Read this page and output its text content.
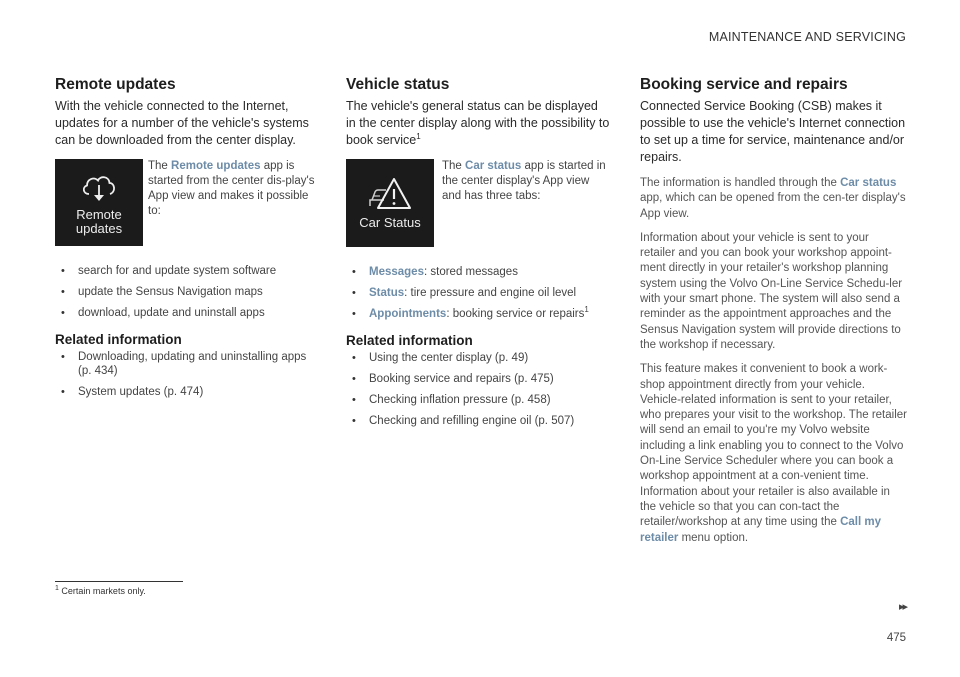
MAINTENANCE AND SERVICING
Remote updates

With the vehicle connected to the Internet, updates for a number of the vehicle's systems can be downloaded from the center display.

Remote updates
The Remote updates app is started from the center dis-play's App view and makes it possible to:
• search for and update system software
• update the Sensus Navigation maps
• download, update and uninstall apps
Related information
• Downloading, updating and uninstalling apps (p. 434)
• System updates (p. 474)
Vehicle status

The vehicle's general status can be displayed in the center display along with the possibility to book service$^1$

Car Status
The Car status app is started in the center display's App view and has three tabs:
• Messages: stored messages
• Status: tire pressure and engine oil level
• Appointments: booking service or repairs$^1$
Related information
• Using the center display (p. 49)
• Booking service and repairs (p. 475)
• Checking inflation pressure (p. 458)
• Checking and refilling engine oil (p. 507)
Booking service and repairs

Connected Service Booking (CSB) makes it possible to use the vehicle's Internet connection to set up a time for service, maintenance and/or repairs.

The information is handled through the Car status app, which can be opened from the cen-ter display's App view.

Information about your vehicle is sent to your retailer and you can book your workshop appoint-ment directly in your retailer's workshop planning system using the Volvo On-Line Service Schedu-ler with your smart phone. The system will also send a reminder as the appointment approaches and the Sensus Navigation system will provide directions to the workshop if necessary.

This feature makes it convenient to book a work-shop appointment directly from your vehicle. Vehicle-related information is sent to your retailer, who prepares your visit to the workshop. The retailer will send an email to you're my Volvo website including a link enabling you to connect to the Volvo On-Line Service Scheduler where you can book a workshop appointment at a con-venient time. Information about your retailer is also available in the vehicle so that you can con-tact the retailer/workshop at any time using the Call my retailer menu option.

$^1$ Certain markets only.
▸▸
475
